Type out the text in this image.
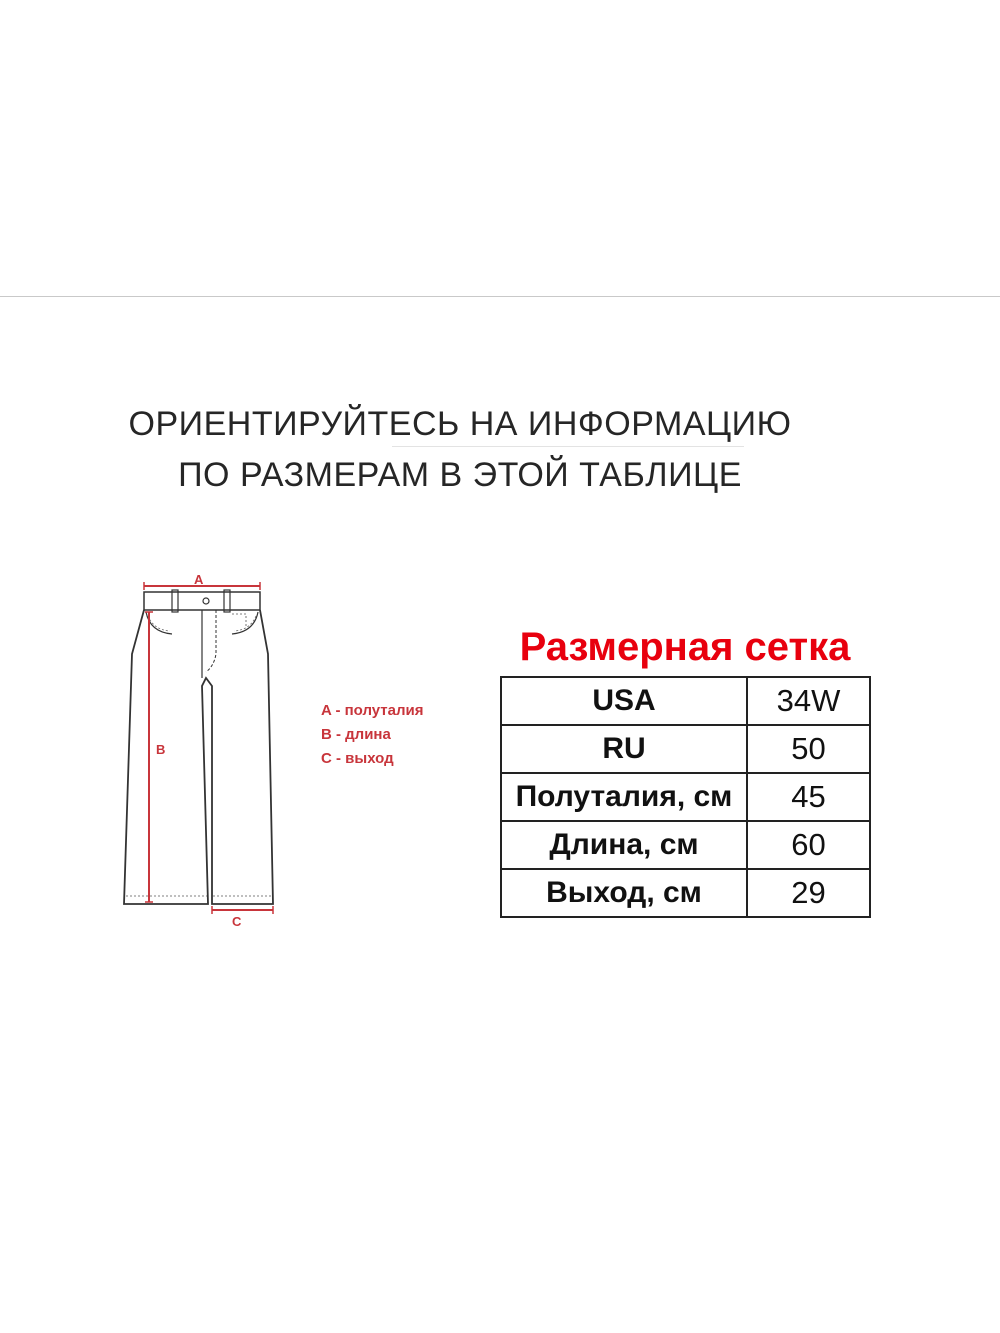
ОРИЕНТИРУЙТЕСЬ НА ИНФОРМАЦИЮ
ПО РАЗМЕРАМ В ЭТОЙ ТАБЛИЦЕ
A
B
C
A - полуталия
B - длина
C - выход
Размерная сетка
USA	34W
RU	50
Полуталия, см	45
Длина, см	60
Выход, см	29
